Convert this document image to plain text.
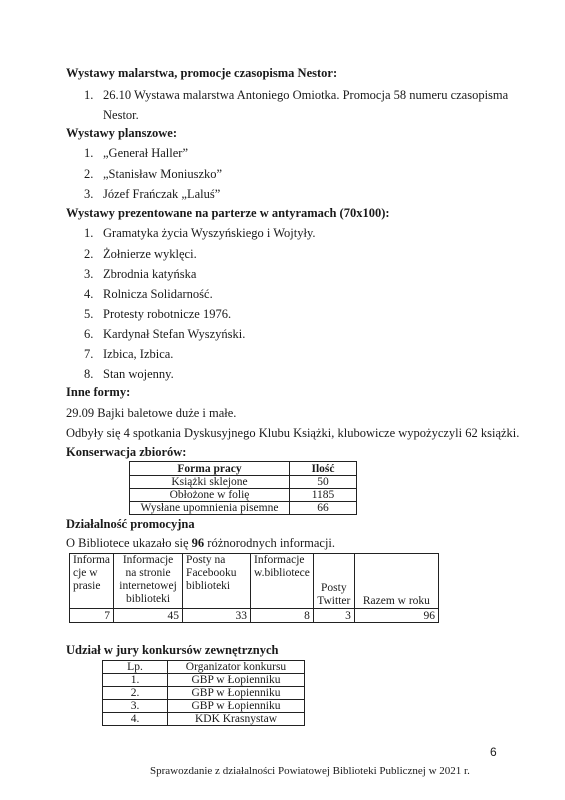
Wystawy malarstwa, promocje czasopisma Nestor:
1. 26.10 Wystawa malarstwa Antoniego Omiotka. Promocja 58 numeru czasopisma
Nestor.
Wystawy planszowe:
1. „Generał Haller”
2. „Stanisław Moniuszko”
3. Józef Frańczak „Laluś”
Wystawy prezentowane na parterze w antyramach (70x100):
1. Gramatyka życia Wyszyńskiego i Wojtyły.
2. Żołnierze wyklęci.
3. Zbrodnia katyńska
4. Rolnicza Solidarność.
5. Protesty robotnicze 1976.
6. Kardynał Stefan Wyszyński.
7. Izbica, Izbica.
8. Stan wojenny.
Inne formy:
29.09 Bajki baletowe duże i małe.
Odbyły się 4 spotkania Dyskusyjnego Klubu Książki, klubowicze wypożyczyli 62 książki.
Konserwacja zbiorów:
Forma pracy	Ilość
Książki sklejone	50
Obłożone w folię	1185
Wysłane upomnienia pisemne	66
Działalność promocyjna
O Bibliotece ukazało się 96 różnorodnych informacji.
Informa cje w prasie	Informacje na stronie internetowej biblioteki	Posty na Facebooku biblioteki	Informacje w.bibliotece	Posty Twitter	Razem w roku
7	45	33	8	3	96
Udział w jury konkursów zewnętrznych
Lp.	Organizator konkursu
1.	GBP w Łopienniku
2.	GBP w Łopienniku
3.	GBP w Łopienniku
4.	KDK Krasnystaw
6
Sprawozdanie z działalności Powiatowej Biblioteki Publicznej w 2021 r.
